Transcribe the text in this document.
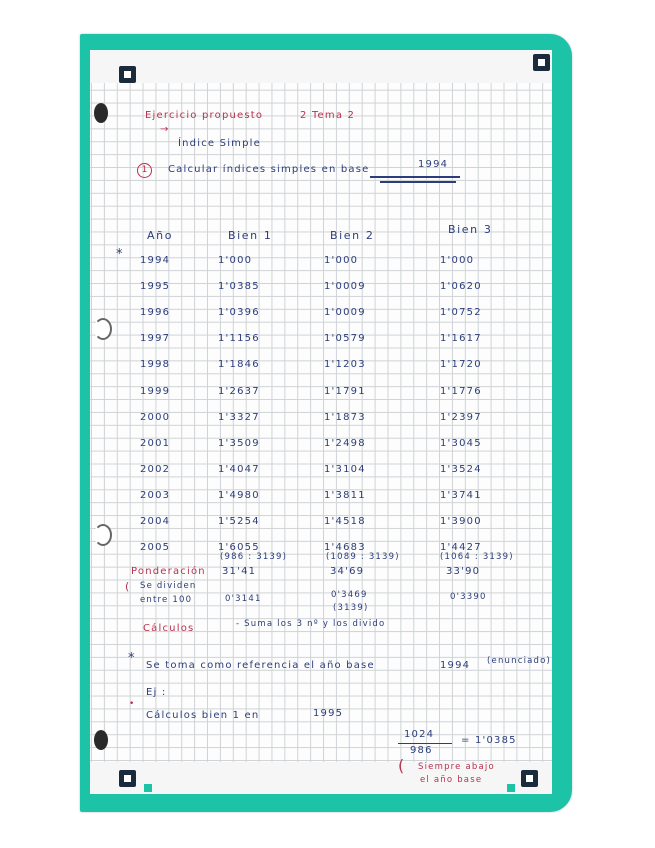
Ejercicio propuesto	2 Tema 2
→
Índice Simple
1	Calcular índices simples en base	1994
*
Ponderación
Se dividen
entre 100
(
(986 : 3139)
31'41
0'3141
(1089 : 3139)
34'69
0'3469
(3139)
(1064 : 3139)
33'90
0'3390
Cálculos	- Suma los 3 nº y los divido
* Se toma como referencia el año base	1994 (enunciado)
Ej :
•
Cálculos bien 1 en	1995
1024
986
= 1'0385
( Siempre abajo
el año base
Año	Bien 1	Bien 2	Bien 3
1994	1'000	1'000	1'000
1995	1'0385	1'0009	1'0620
1996	1'0396	1'0009	1'0752
1997	1'1156	1'0579	1'1617
1998	1'1846	1'1203	1'1720
1999	1'2637	1'1791	1'1776
2000	1'3327	1'1873	1'2397
2001	1'3509	1'2498	1'3045
2002	1'4047	1'3104	1'3524
2003	1'4980	1'3811	1'3741
2004	1'5254	1'4518	1'3900
2005	1'6055	1'4683	1'4427
